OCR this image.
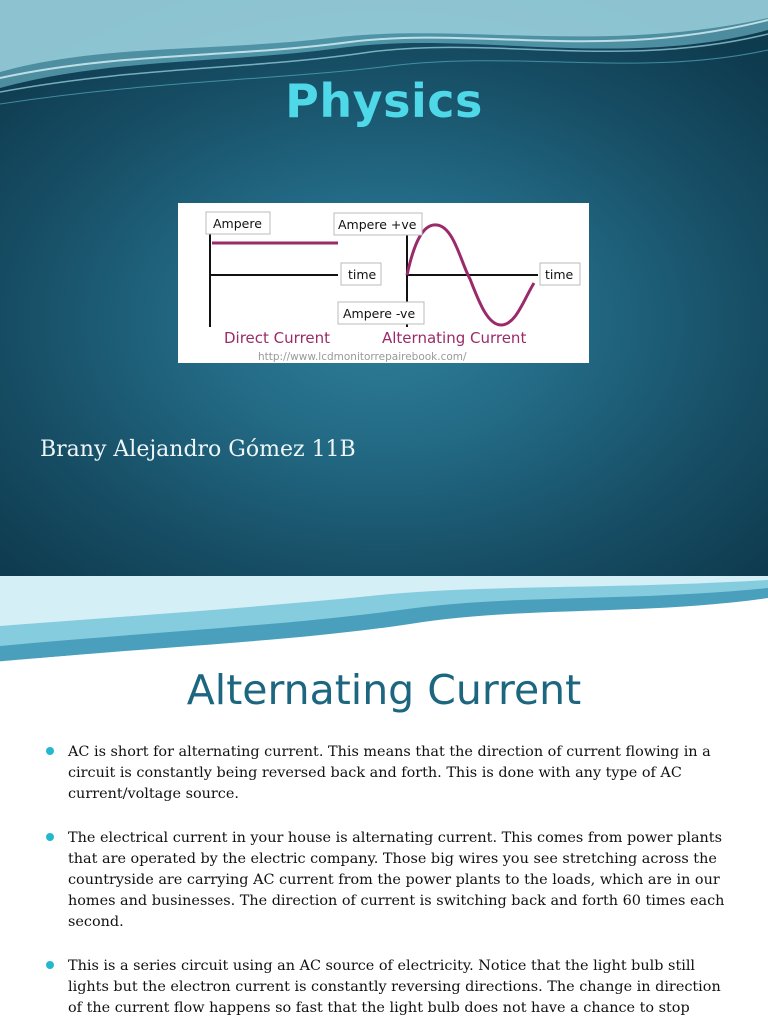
Physics
Ampere
time
Ampere +ve
time
Ampere -ve
Direct Current	Alternating Current
http://www.lcdmonitorrepairebook.com/
Brany Alejandro Gómez 11B
Alternating Current
AC is short for alternating current. This means that the direction of current flowing in a circuit is constantly being reversed back and forth. This is done with any type of AC current/voltage source.
The electrical current in your house is alternating current. This comes from power plants that are operated by the electric company. Those big wires you see stretching across the countryside are carrying AC current from the power plants to the loads, which are in our homes and businesses. The direction of current is switching back and forth 60 times each second.
This is a series circuit using an AC source of electricity. Notice that the light bulb still lights but the electron current is constantly reversing directions. The change in direction of the current flow happens so fast that the light bulb does not have a chance to stop
